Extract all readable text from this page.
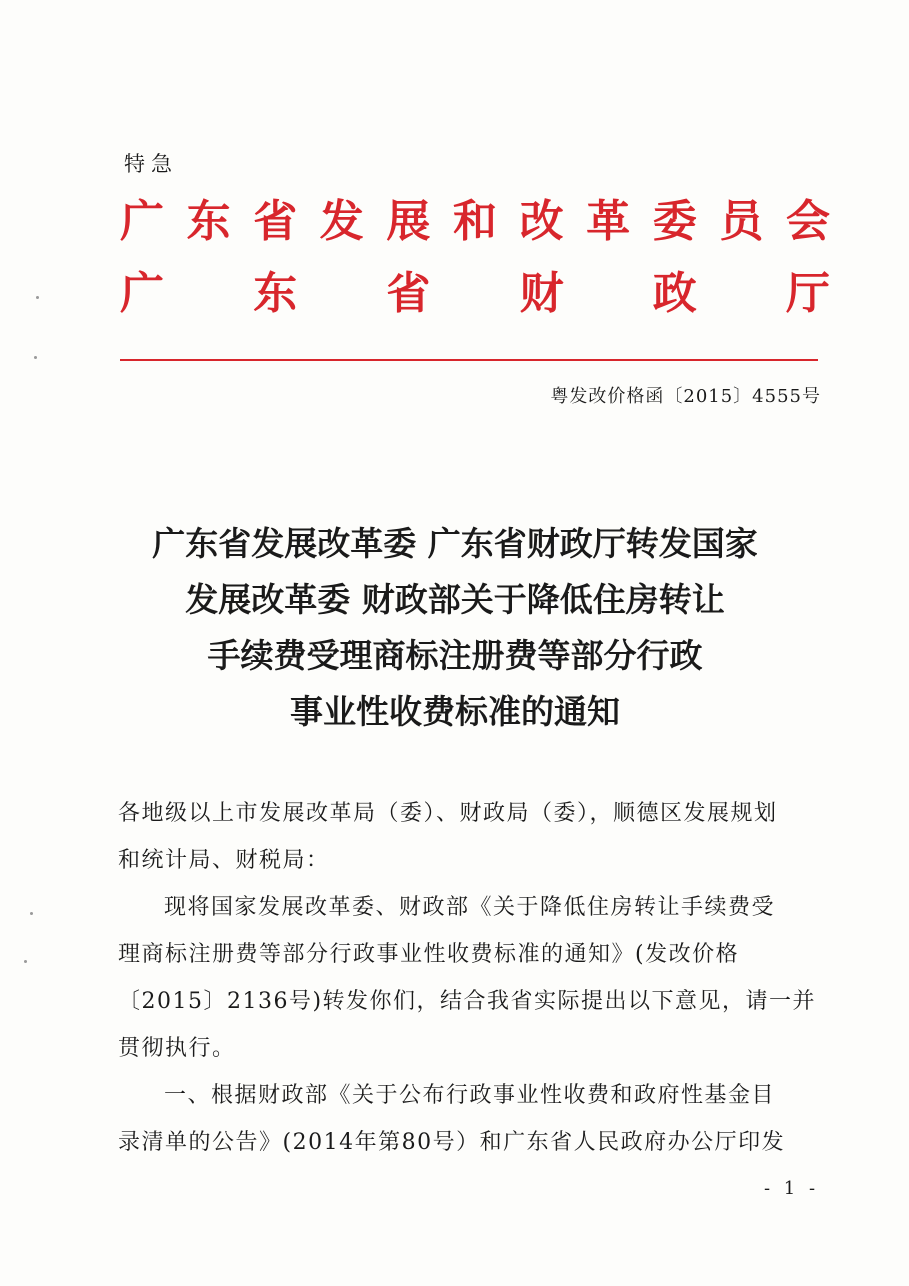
特急
广 东 省 发 展 和 改 革 委 员 会
广 东 省 财 政 厅
粤发改价格函〔2015〕4555号
广东省发展改革委 广东省财政厅转发国家
发展改革委 财政部关于降低住房转让
手续费受理商标注册费等部分行政
事业性收费标准的通知

各地级以上市发展改革局（委）、财政局（委），顺德区发展规划

和统计局、财税局：

现将国家发展改革委、财政部《关于降低住房转让手续费受

理商标注册费等部分行政事业性收费标准的通知》(发改价格

〔2015〕2136号)转发你们，结合我省实际提出以下意见，请一并

贯彻执行。

一、根据财政部《关于公布行政事业性收费和政府性基金目

录清单的公告》(2014年第80号）和广东省人民政府办公厅印发

- 1 -
